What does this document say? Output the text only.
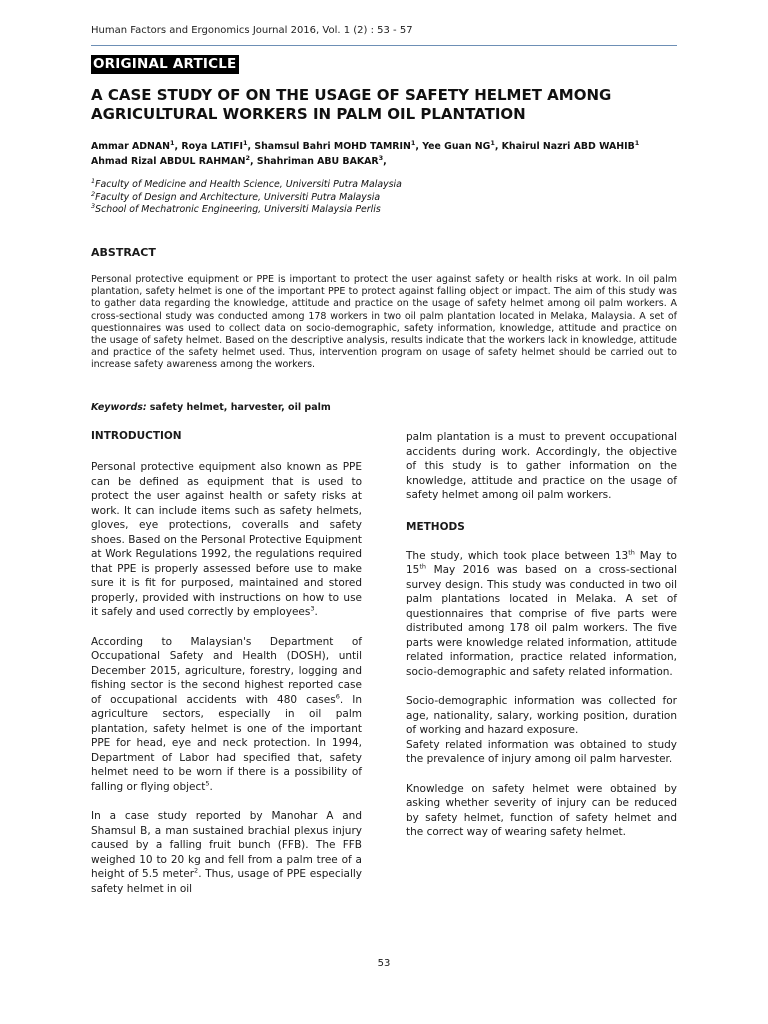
Human Factors and Ergonomics Journal 2016, Vol. 1 (2) : 53 - 57
ORIGINAL ARTICLE
A CASE STUDY OF ON THE USAGE OF SAFETY HELMET AMONG
AGRICULTURAL WORKERS IN PALM OIL PLANTATION
Ammar ADNAN$^1$, Roya LATIFI$^1$, Shamsul Bahri MOHD TAMRIN$^1$, Yee Guan $NG^1$, Khairul Nazri ABD WAHIB$^1$
Ahmad Rizal ABDUL RAHMAN$^2$, Shahriman ABU BAKAR$^3$,
$^1$Faculty of Medicine and Health Science, Universiti Putra Malaysia
$^2$Faculty of Design and Architecture, Universiti Putra Malaysia
$^3$School of Mechatronic Engineering, Universiti Malaysia Perlis
ABSTRACT

Personal protective equipment or PPE is important to protect the user against safety or health risks at work. In oil palm plantation, safety helmet is one of the important PPE to protect against falling object or impact. The aim of this study was to gather data regarding the knowledge, attitude and practice on the usage of safety helmet among oil palm workers. A cross-sectional study was conducted among 178 workers in two oil palm plantation located in Melaka, Malaysia. A set of questionnaires was used to collect data on socio-demographic, safety information, knowledge, attitude and practice on the usage of safety helmet. Based on the descriptive analysis, results indicate that the workers lack in knowledge, attitude and practice of the safety helmet used. Thus, intervention program on usage of safety helmet should be carried out to increase safety awareness among the workers.

Keywords: safety helmet, harvester, oil palm
INTRODUCTION

Personal protective equipment also known as PPE can be defined as equipment that is used to protect the user against health or safety risks at work. It can include items such as safety helmets, gloves, eye protections, coveralls and safety shoes. Based on the Personal Protective Equipment at Work Regulations 1992, the regulations required that PPE is properly assessed before use to make sure it is fit for purposed, maintained and stored properly, provided with instructions on how to use it safely and used correctly by employees$^3$.

According to Malaysian's Department of Occupational Safety and Health (DOSH), until December 2015, agriculture, forestry, logging and fishing sector is the second highest reported case of occupational accidents with 480 cases$^6$. In agriculture sectors, especially in oil palm plantation, safety helmet is one of the important PPE for head, eye and neck protection. In 1994, Department of Labor had specified that, safety helmet need to be worn if there is a possibility of falling or flying object$^5$.

In a case study reported by Manohar A and Shamsul B, a man sustained brachial plexus injury caused by a falling fruit bunch (FFB). The FFB weighed 10 to 20 kg and fell from a palm tree of a height of 5.5 meter$^2$. Thus, usage of PPE especially safety helmet in oil

palm plantation is a must to prevent occupational accidents during work. Accordingly, the objective of this study is to gather information on the knowledge, attitude and practice on the usage of safety helmet among oil palm workers.

METHODS

The study, which took place between 13th May to 15th May 2016 was based on a cross-sectional survey design. This study was conducted in two oil palm plantations located in Melaka. A set of questionnaires that comprise of five parts were distributed among 178 oil palm workers. The five parts were knowledge related information, attitude related information, practice related information, socio-demographic and safety related information.

Socio-demographic information was collected for age, nationality, salary, working position, duration of working and hazard exposure.

Safety related information was obtained to study the prevalence of injury among oil palm harvester.

Knowledge on safety helmet were obtained by asking whether severity of injury can be reduced by safety helmet, function of safety helmet and the correct way of wearing safety helmet.

53
